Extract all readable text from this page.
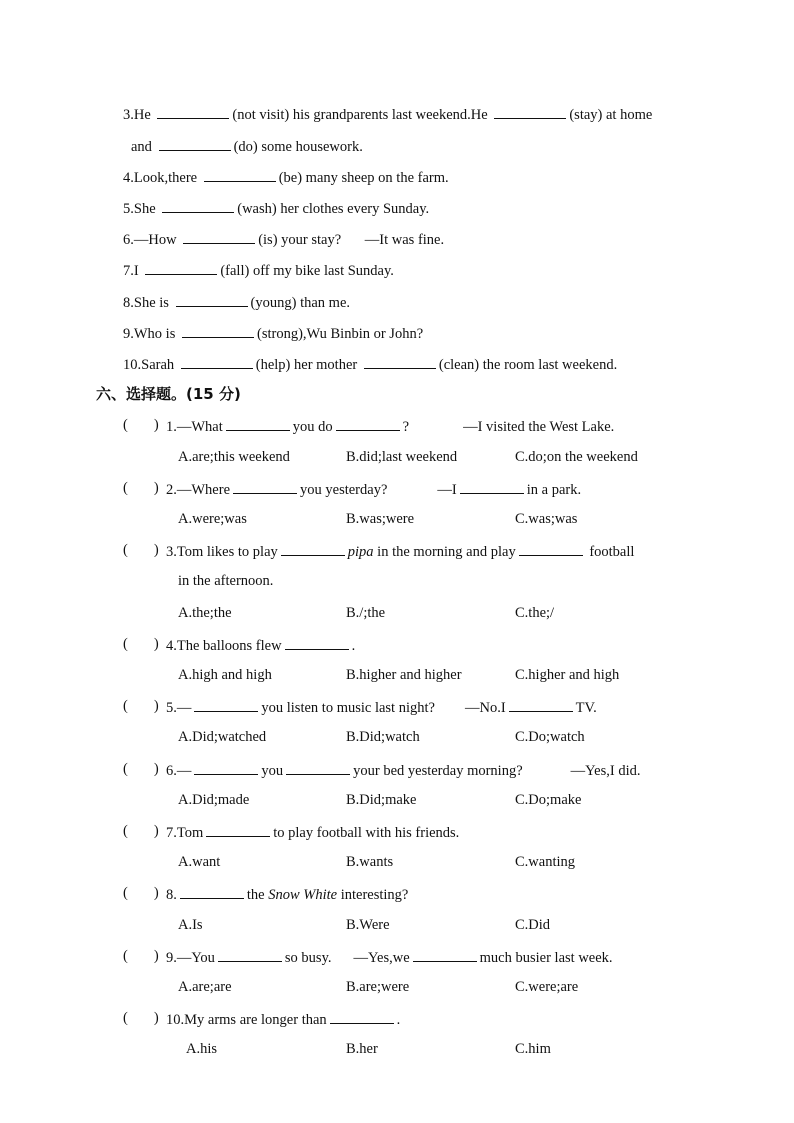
3.He	(not visit) his grandparents last weekend.He	(stay) at home
and	(do) some housework.
4.Look,there	(be) many sheep on the farm.
5.She	(wash) her clothes every Sunday.
6.—How	(is) your stay? —It was fine.
7.I	(fall) off my bike last Sunday.
8.She is	(young) than me.
9.Who is	(strong),Wu Binbin or John?
10.Sarah	(help) her mother	(clean) the room last weekend.
六、选择题。(15 分)
( ) 1.—What	you do	?	—I visited the West Lake.
A.are;this weekend	B.did;last weekend	C.do;on the weekend
( ) 2.—Where	you yesterday?	—I	in a park.
A.were;was	B.was;were	C.was;was
( ) 3.Tom likes to play	pipa in the morning and play	football
in the afternoon.
A.the;the	B./;the	C.the;/
( ) 4.The balloons flew	.
A.high and high	B.higher and higher	C.higher and high
( ) 5.—	you listen to music last night? —No.I	TV.
A.Did;watched	B.Did;watch	C.Do;watch
( ) 6.—	you	your bed yesterday morning?	—Yes,I did.
A.Did;made	B.Did;make	C.Do;make
( ) 7.Tom	to play football with his friends.
A.want	B.wants	C.wanting
( ) 8.	the Snow White interesting?
A.Is	B.Were	C.Did
( ) 9.—You	so busy. —Yes,we	much busier last week.
A.are;are	B.are;were	C.were;are
( ) 10.My arms are longer than	.
A.his	B.her	C.him
